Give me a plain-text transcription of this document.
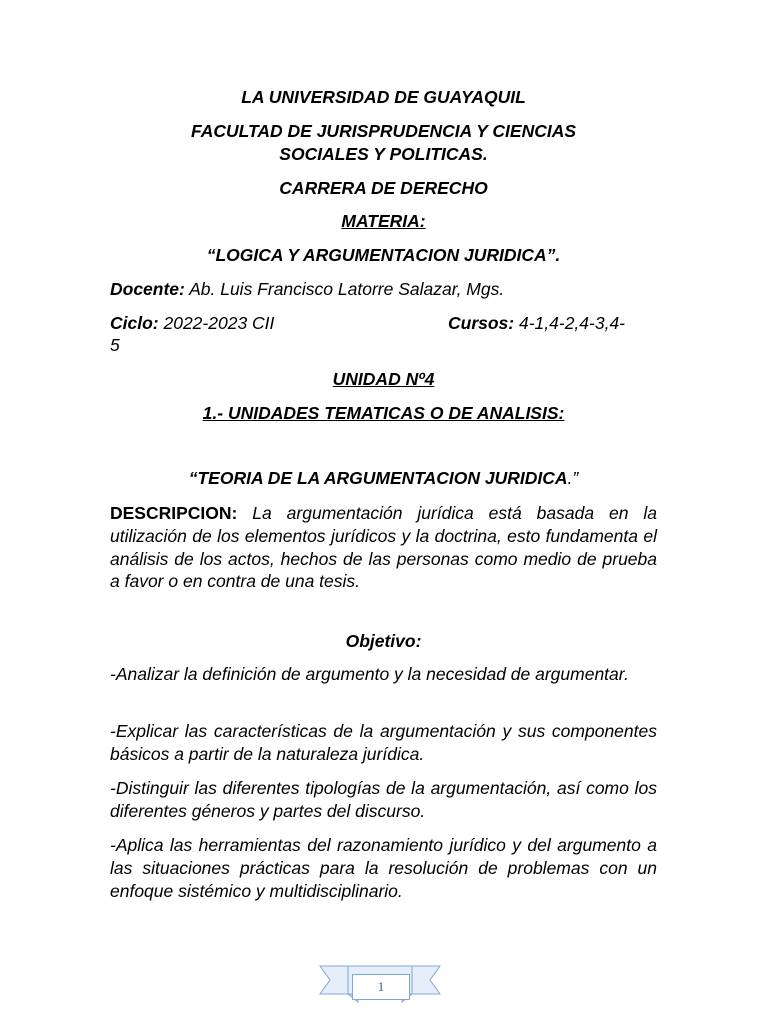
LA UNIVERSIDAD DE GUAYAQUIL
FACULTAD DE JURISPRUDENCIA Y CIENCIAS
SOCIALES Y POLITICAS.
CARRERA DE DERECHO
MATERIA:
“LOGICA Y ARGUMENTACION JURIDICA”.
Docente: Ab. Luis Francisco Latorre Salazar, Mgs.
Ciclo: 2022-2023 CII	Cursos: 4-1,4-2,4-3,4-
5
UNIDAD Nº4
1.- UNIDADES TEMATICAS O DE ANALISIS:
“TEORIA DE LA ARGUMENTACION JURIDICA.”
DESCRIPCION: La argumentación jurídica está basada en la utilización de los elementos jurídicos y la doctrina, esto fundamenta el análisis de los actos, hechos de las personas como medio de prueba a favor o en contra de una tesis.
Objetivo:
-Analizar la definición de argumento y la necesidad de argumentar.
-Explicar las características de la argumentación y sus componentes básicos a partir de la naturaleza jurídica.
-Distinguir las diferentes tipologías de la argumentación, así como los diferentes géneros y partes del discurso.
-Aplica las herramientas del razonamiento jurídico y del argumento a las situaciones prácticas para la resolución de problemas con un enfoque sistémico y multidisciplinario.
1
